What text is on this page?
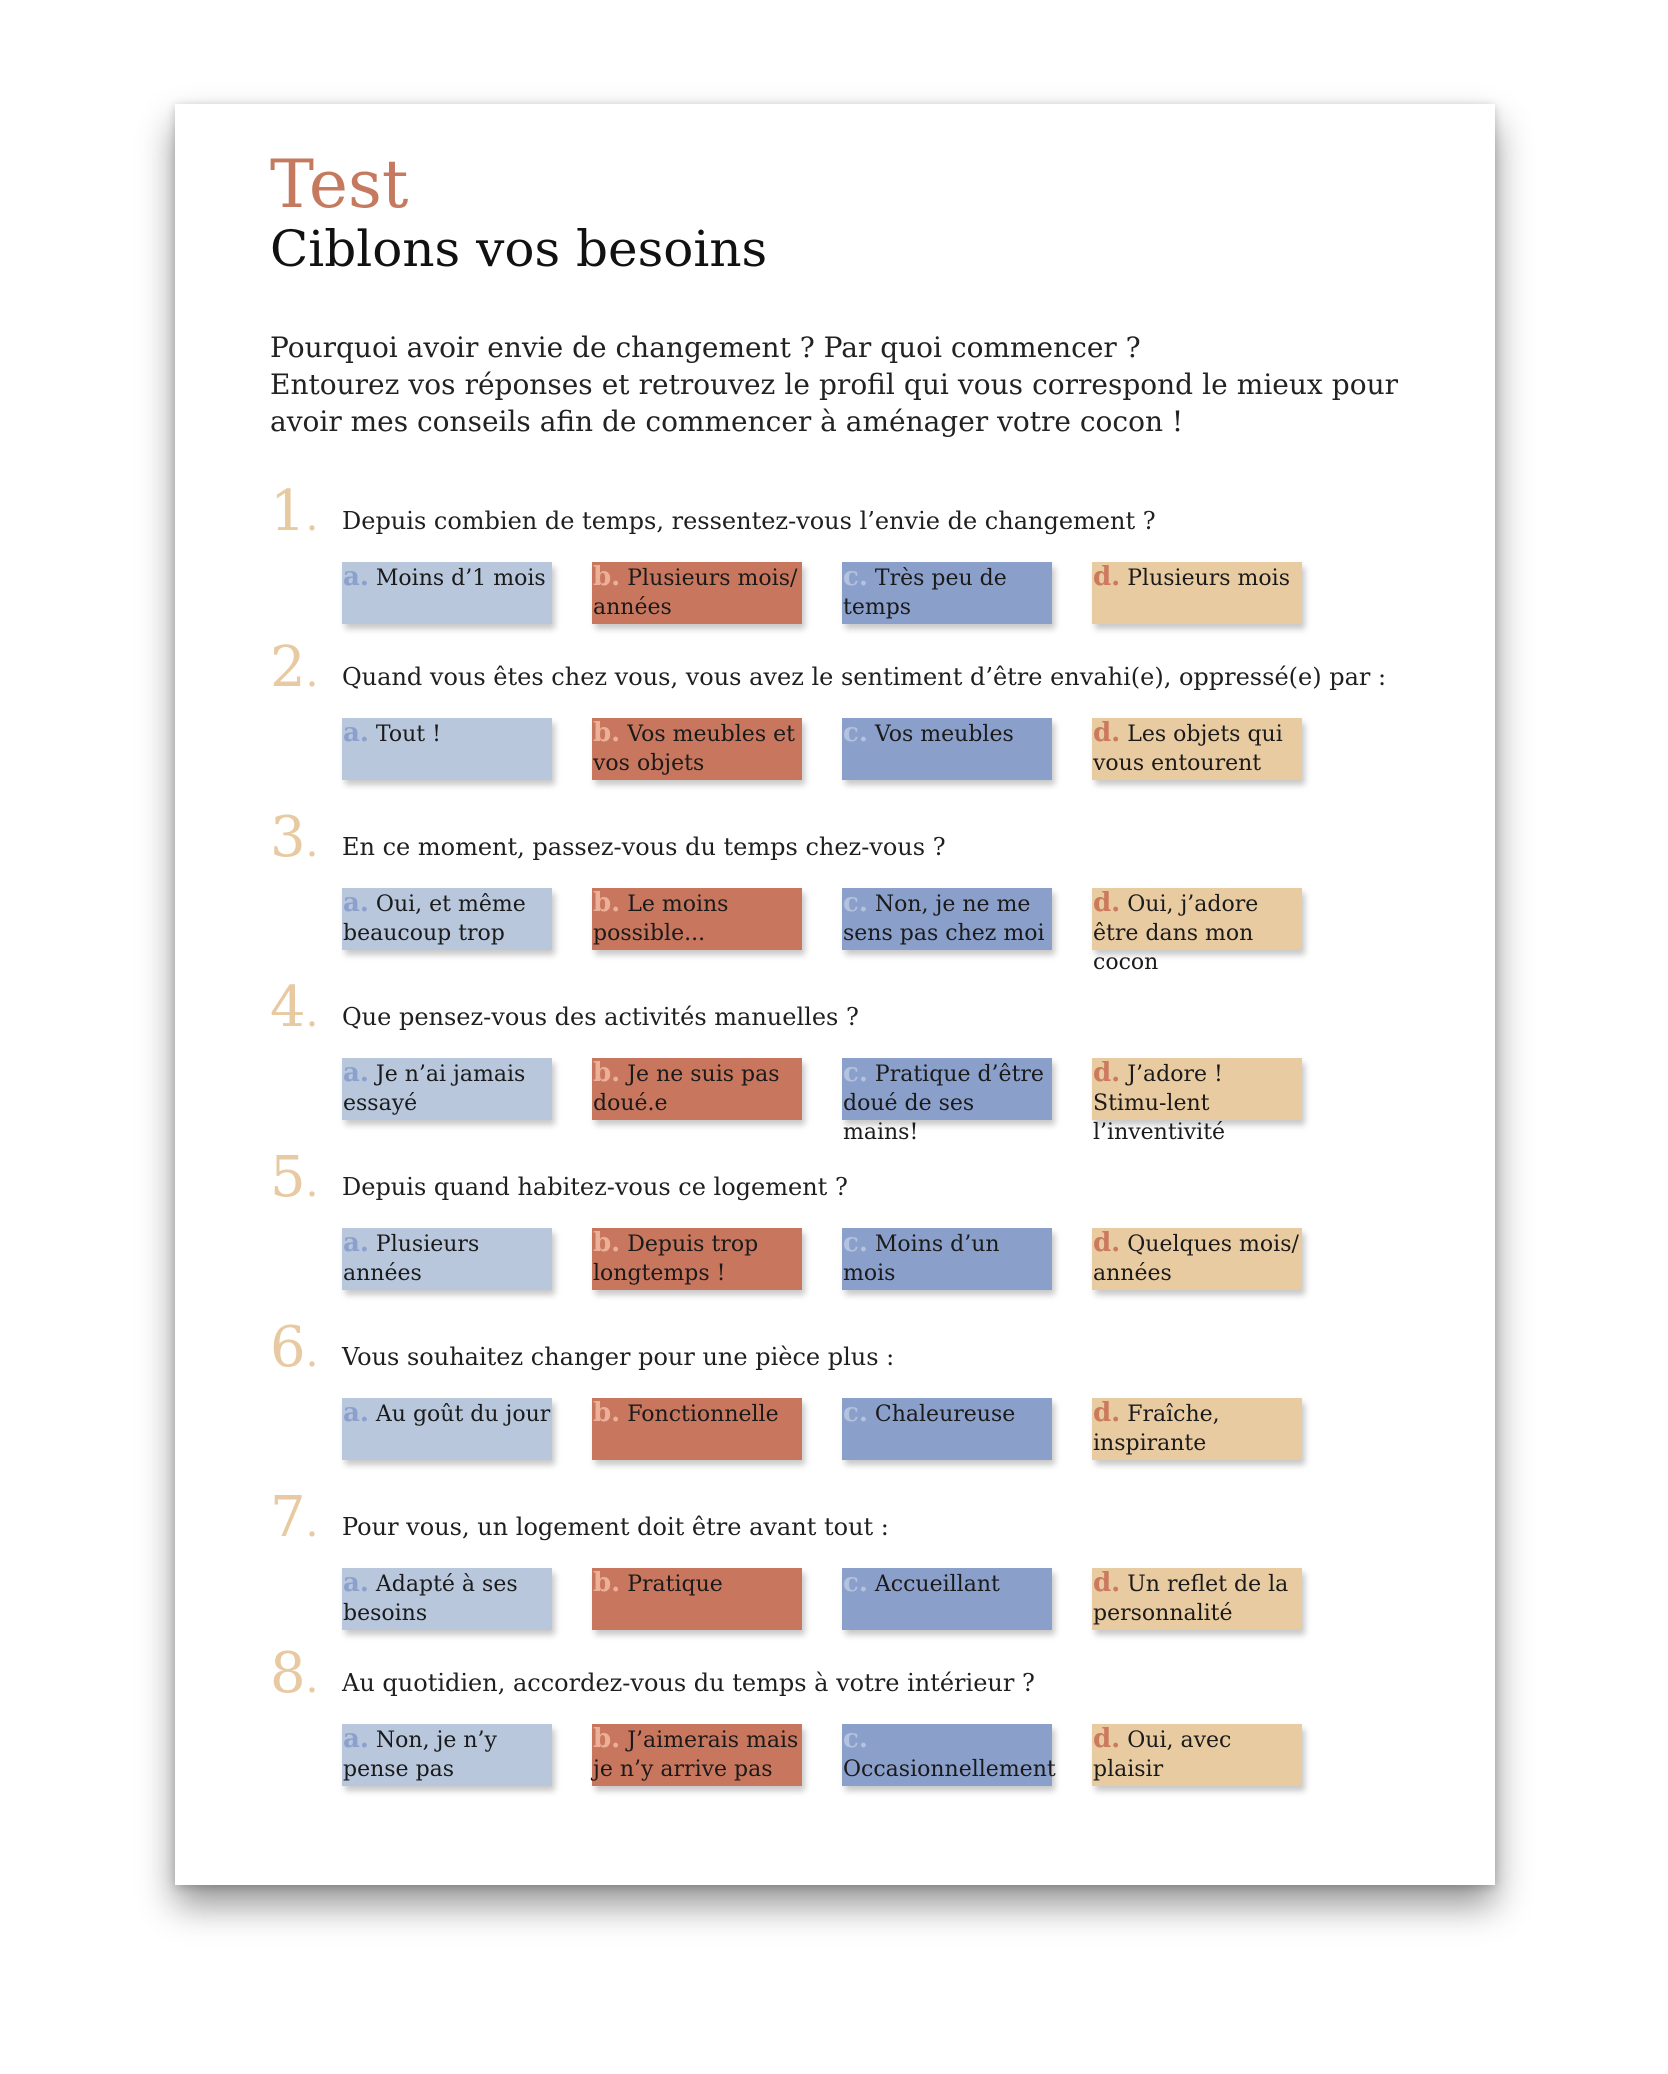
Test
Ciblons vos besoins

Pourquoi avoir envie de changement ? Par quoi commencer ?

Entourez vos réponses et retrouvez le profil qui vous correspond le mieux pour avoir mes conseils afin de commencer à aménager votre cocon !

1. Depuis combien de temps, ressentez-vous l’envie de changement ?
a. Moins d’1 mois b. Plusieurs mois/ années
c. Très peu de temps
d. Plusieurs mois
2. Quand vous êtes chez vous, vous avez le sentiment d’être envahi(e), oppressé(e) par :
a. Tout !	b. Vos meubles et vos objets
c. Vos meubles	d. Les objets qui vous entourent
3. En ce moment, passez-vous du temps chez-vous ?
a. Oui, et même beaucoup trop
b. Le moins possible...
c. Non, je ne me sens pas chez moi
d. Oui, j’adore être dans mon cocon
4. Que pensez-vous des activités manuelles ?
a. Je n’ai jamais essayé
b. Je ne suis pas doué.e
c. Pratique d’être doué de ses mains!
d. J’adore ! Stimu-lent l’inventivité
5. Depuis quand habitez-vous ce logement ?
a. Plusieurs années
b. Depuis trop longtemps !
c. Moins d’un mois
d. Quelques mois/ années
6. Vous souhaitez changer pour une pièce plus :
a. Au goût du jour b. Fonctionnelle	c. Chaleureuse	d. Fraîche, inspirante
7. Pour vous, un logement doit être avant tout :
a. Adapté à ses besoins
b. Pratique	c. Accueillant	d. Un reflet de la personnalité
8. Au quotidien, accordez-vous du temps à votre intérieur ?
a. Non, je n’y pense pas
b. J’aimerais mais je n’y arrive pas
c. Occasionnellement
d. Oui, avec plaisir
